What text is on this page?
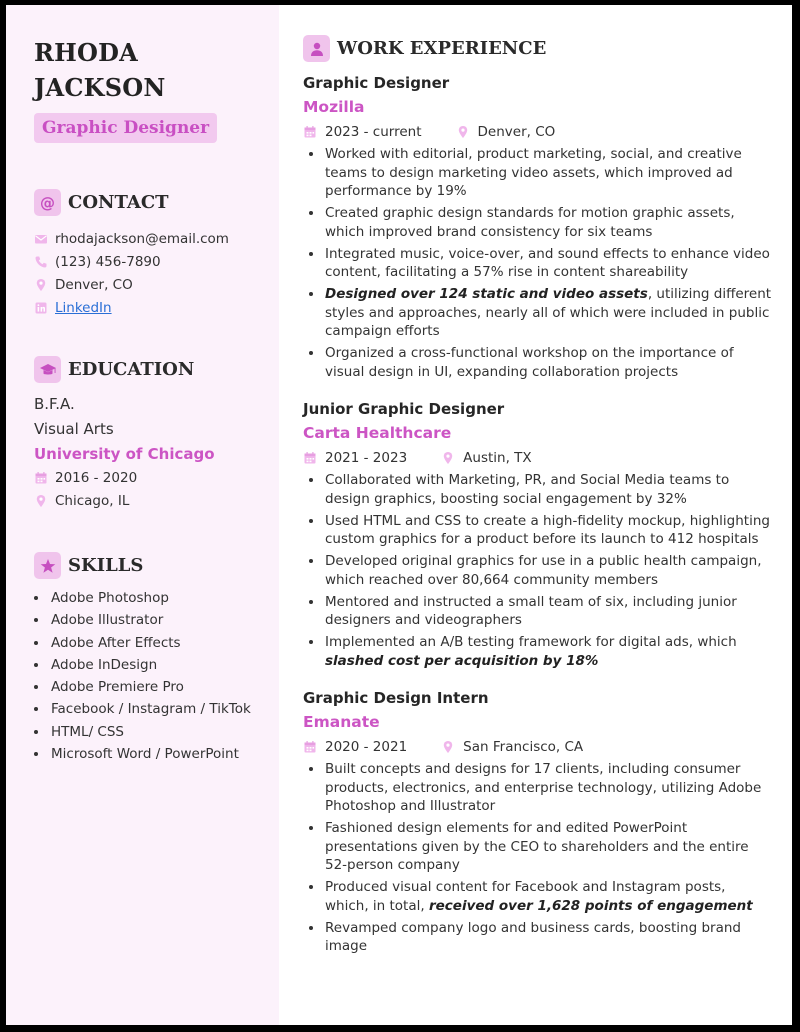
RHODA
JACKSON
Graphic Designer
@ CONTACT
rhodajackson@email.com
(123) 456-7890
Denver, CO
LinkedIn
EDUCATION
B.F.A.
Visual Arts
University of Chicago
2016 - 2020
Chicago, IL
SKILLS
• Adobe Photoshop
• Adobe Illustrator
• Adobe After Effects
• Adobe InDesign
• Adobe Premiere Pro
• Facebook / Instagram / TikTok
• HTML/ CSS
• Microsoft Word / PowerPoint
WORK EXPERIENCE
Graphic Designer
Mozilla
2023 - current	Denver, CO
• Worked with editorial, product marketing, social, and creative teams to design marketing video assets, which improved ad performance by 19%
• Created graphic design standards for motion graphic assets, which improved brand consistency for six teams
• Integrated music, voice-over, and sound effects to enhance video content, facilitating a 57% rise in content shareability
• Designed over 124 static and video assets, utilizing different styles and approaches, nearly all of which were included in public campaign efforts
• Organized a cross-functional workshop on the importance of visual design in UI, expanding collaboration projects
Junior Graphic Designer
Carta Healthcare
2021 - 2023	Austin, TX
• Collaborated with Marketing, PR, and Social Media teams to design graphics, boosting social engagement by 32%
• Used HTML and CSS to create a high-fidelity mockup, highlighting custom graphics for a product before its launch to 412 hospitals
• Developed original graphics for use in a public health campaign, which reached over 80,664 community members
• Mentored and instructed a small team of six, including junior designers and videographers
• Implemented an A/B testing framework for digital ads, which slashed cost per acquisition by 18%
Graphic Design Intern
Emanate
2020 - 2021	San Francisco, CA
• Built concepts and designs for 17 clients, including consumer products, electronics, and enterprise technology, utilizing Adobe Photoshop and Illustrator
• Fashioned design elements for and edited PowerPoint presentations given by the CEO to shareholders and the entire 52-person company
• Produced visual content for Facebook and Instagram posts, which, in total, received over 1,628 points of engagement
• Revamped company logo and business cards, boosting brand image
